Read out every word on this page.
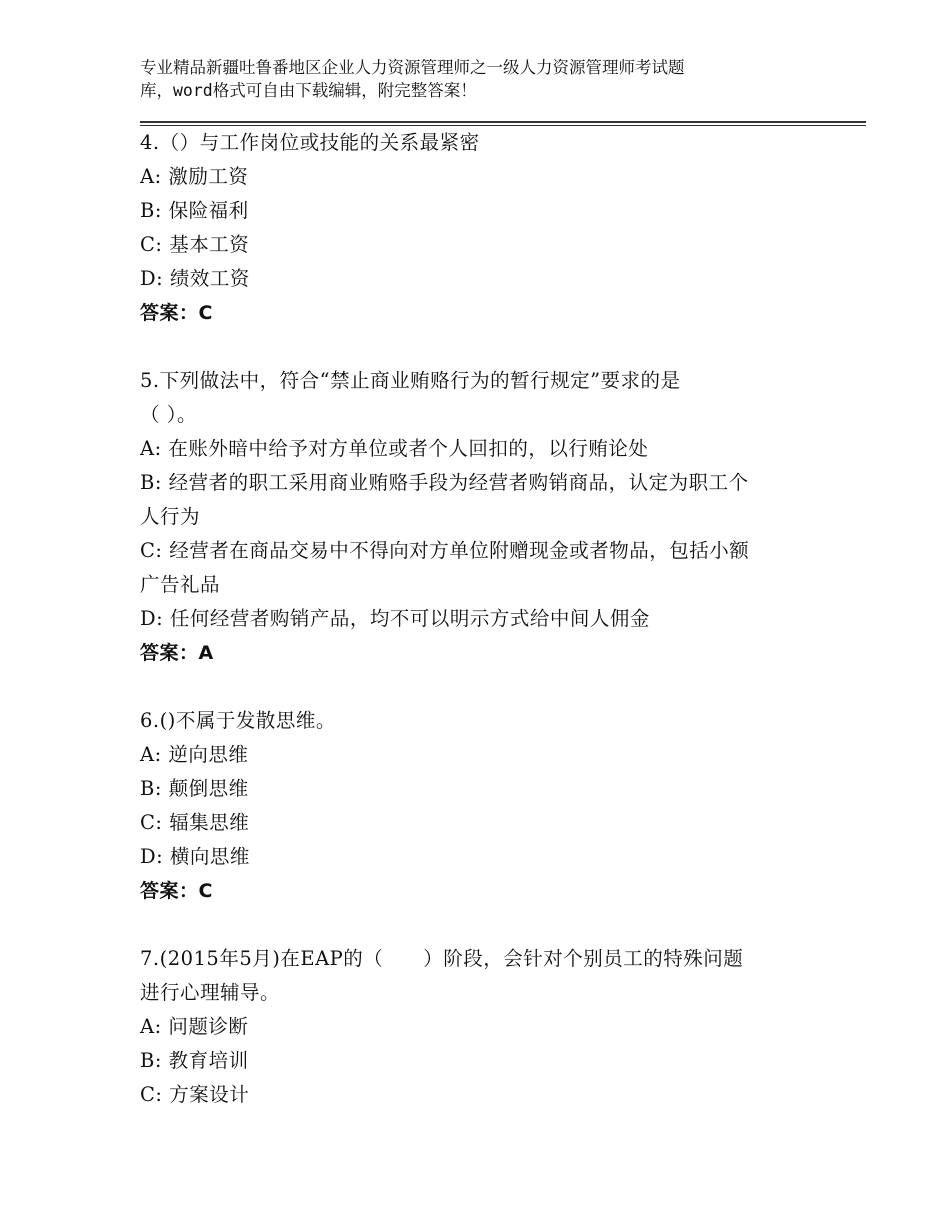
专业精品新疆吐鲁番地区企业人力资源管理师之一级人力资源管理师考试题
库，word格式可自由下载编辑，附完整答案！

4.（）与工作岗位或技能的关系最紧密

A: 激励工资

B: 保险福利

C: 基本工资

D: 绩效工资

答案：C

5.下列做法中，符合“禁止商业贿赂行为的暂行规定”要求的是

（ ）。

A: 在账外暗中给予对方单位或者个人回扣的，以行贿论处

B: 经营者的职工采用商业贿赂手段为经营者购销商品，认定为职工个

人行为

C: 经营者在商品交易中不得向对方单位附赠现金或者物品，包括小额

广告礼品

D: 任何经营者购销产品，均不可以明示方式给中间人佣金

答案：A

6.()不属于发散思维。

A: 逆向思维

B: 颠倒思维

C: 辐集思维

D: 横向思维

答案：C

7.(2015年5月)在EAP的（　　）阶段，会针对个别员工的特殊问题

进行心理辅导。

A: 问题诊断

B: 教育培训

C: 方案设计
